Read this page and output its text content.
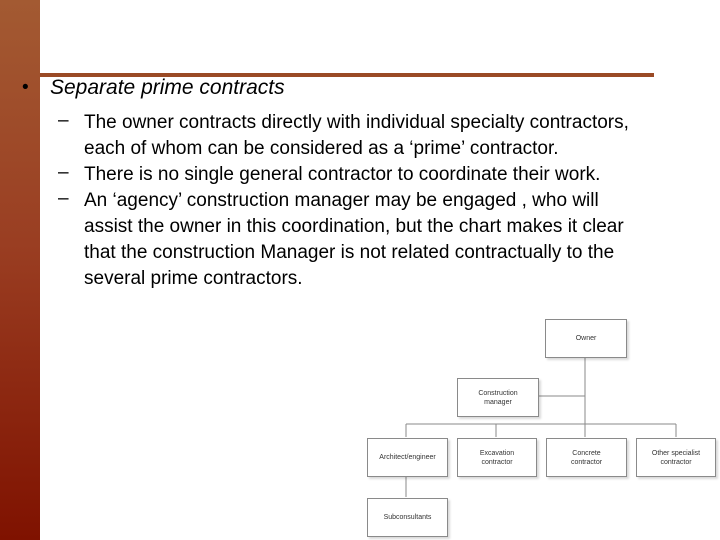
• Separate prime contracts
– The owner contracts directly with individual specialty contractors,
each of whom can be considered as a ‘prime’ contractor.
– There is no single general contractor to coordinate their work.
– An ‘agency’ construction manager may be engaged , who will
assist the owner in this coordination, but the chart makes it clear
that the construction Manager is not related contractually to the
several prime contractors.
Owner
Construction
manager
Architect/engineer
Excavation
contractor
Concrete
contractor
Other specialist
contractor
Subconsultants
